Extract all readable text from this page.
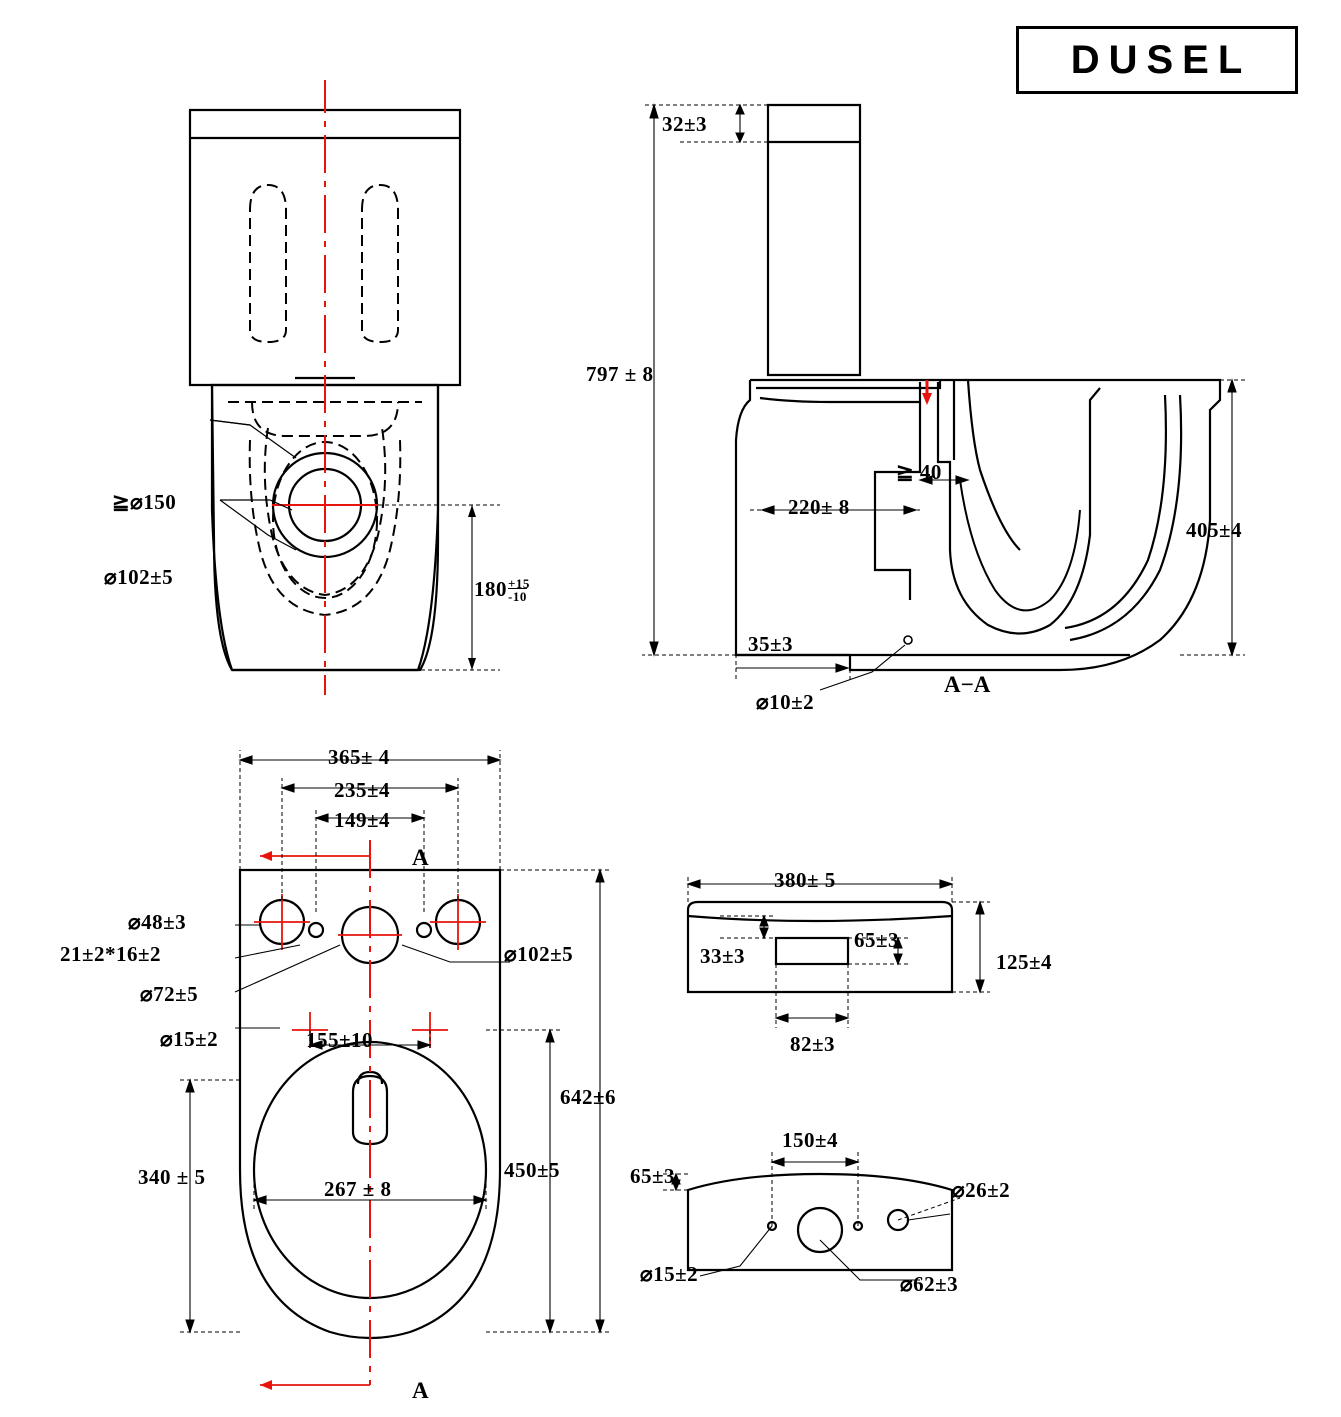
DUSEL
≧⌀150
⌀102±5	$180 \frac{+15}{-10}$
32±3
797 ± 8
405±4
220± 8
≧ 40
35±3
⌀10±2
A−A
365± 4
235±4
149±4
A
A
⌀48±3
21±2*16±2	⌀102±5
⌀72±5
⌀15±2	155±10
267 ± 8
340 ± 5	450±5
642±6
380± 5
65±3
125±4
33±3
82±3
150±4
65±3
⌀26±2
⌀15±2	⌀62±3
